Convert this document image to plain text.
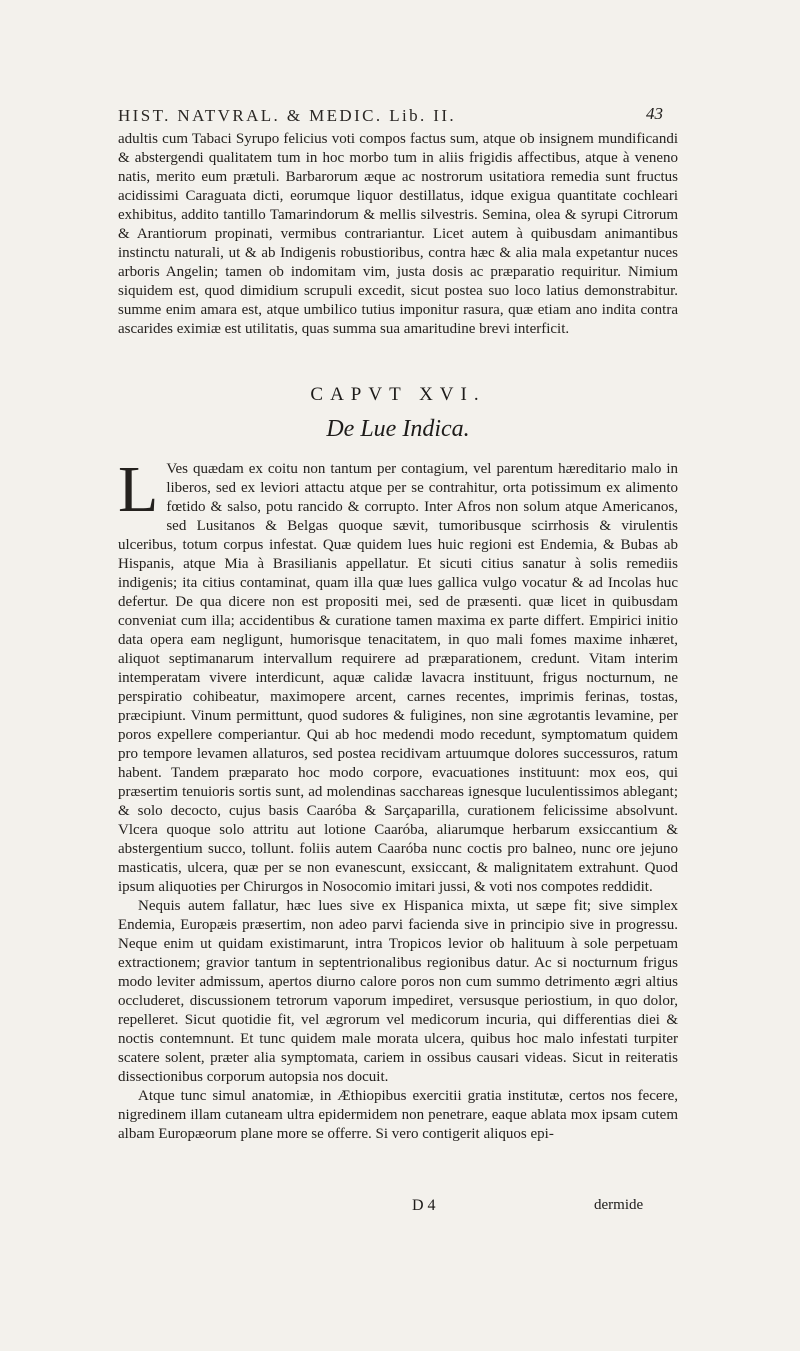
HIST. NATVRAL. & MEDIC. Lib. II.	43

adultis cum Tabaci Syrupo felicius voti compos factus sum, atque ob insignem mundificandi & abstergendi qualitatem tum in hoc morbo tum in aliis frigidis affectibus, atque à veneno natis, merito eum prætuli. Barbarorum æque ac nostrorum usitatiora remedia sunt fructus acidissimi Caraguata dicti, eorumque liquor destillatus, idque exigua quantitate cochleari exhibitus, addito tantillo Tamarindorum & mellis silvestris. Semina, olea & syrupi Citrorum & Arantiorum propinati, vermibus contrariantur. Licet autem à quibusdam animantibus instinctu naturali, ut & ab Indigenis robustioribus, contra hæc & alia mala expetantur nuces arboris Angelin; tamen ob indomitam vim, justa dosis ac præparatio requiritur. Nimium siquidem est, quod dimidium scrupuli excedit, sicut postea suo loco latius demonstrabitur. summe enim amara est, atque umbilico tutius imponitur rasura, quæ etiam ano indita contra ascarides eximiæ est utilitatis, quas summa sua amaritudine brevi interficit.

CAPVT XVI.
De Lue Indica.

L Ves quædam ex coitu non tantum per contagium, vel parentum hæreditario malo in liberos, sed ex leviori attactu atque per se contrahitur, orta potissimum ex alimento fœtido & salso, potu rancido & corrupto. Inter Afros non solum atque Americanos, sed Lusitanos & Belgas quoque sævit, tumoribusque scirrhosis & virulentis ulceribus, totum corpus infestat. Quæ quidem lues huic regioni est Endemia, & Bubas ab Hispanis, atque Mia à Brasilianis appellatur. Et sicuti citius sanatur à solis remediis indigenis; ita citius contaminat, quam illa quæ lues gallica vulgo vocatur & ad Incolas huc defertur. De qua dicere non est propositi mei, sed de præsenti. quæ licet in quibusdam conveniat cum illa; accidentibus & curatione tamen maxima ex parte differt. Empirici initio data opera eam negligunt, humorisque tenacitatem, in quo mali fomes maxime inhæret, aliquot septimanarum intervallum requirere ad præparationem, credunt. Vitam interim intemperatam vivere interdicunt, aquæ calidæ lavacra instituunt, frigus nocturnum, ne perspiratio cohibeatur, maximopere arcent, carnes recentes, imprimis ferinas, tostas, præcipiunt. Vinum permittunt, quod sudores & fuligines, non sine ægrotantis levamine, per poros expellere comperiantur. Qui ab hoc medendi modo recedunt, symptomatum quidem pro tempore levamen allaturos, sed postea recidivam artuumque dolores successuros, ratum habent. Tandem præparato hoc modo corpore, evacuationes instituunt: mox eos, qui præsertim tenuioris sortis sunt, ad molendinas sacchareas ignesque luculentissimos ablegant; & solo decocto, cujus basis Caaróba & Sarçaparilla, curationem felicissime absolvunt. Vlcera quoque solo attritu aut lotione Caaróba, aliarumque herbarum exsiccantium & abstergentium succo, tollunt. foliis autem Caaróba nunc coctis pro balneo, nunc ore jejuno masticatis, ulcera, quæ per se non evanescunt, exsiccant, & malignitatem extrahunt. Quod ipsum aliquoties per Chirurgos in Nosocomio imitari jussi, & voti nos compotes reddidit.

Nequis autem fallatur, hæc lues sive ex Hispanica mixta, ut sæpe fit; sive simplex Endemia, Europæis præsertim, non adeo parvi facienda sive in principio sive in progressu. Neque enim ut quidam existimarunt, intra Tropicos levior ob halituum à sole perpetuam extractionem; gravior tantum in septentrionalibus regionibus datur. Ac si nocturnum frigus modo leviter admissum, apertos diurno calore poros non cum summo detrimento ægri altius occluderet, discussionem tetrorum vaporum impediret, versusque periostium, in quo dolor, repelleret. Sicut quotidie fit, vel ægrorum vel medicorum incuria, qui differentias diei & noctis contemnunt. Et tunc quidem male morata ulcera, quibus hoc malo infestati turpiter scatere solent, præter alia symptomata, cariem in ossibus causari videas. Sicut in reiteratis dissectionibus corporum autopsia nos docuit.

Atque tunc simul anatomiæ, in Æthiopibus exercitii gratia institutæ, certos nos fecere, nigredinem illam cutaneam ultra epidermidem non penetrare, eaque ablata mox ipsam cutem albam Europæorum plane more se offerre. Si vero contigerit aliquos epi-

D 4	dermide
